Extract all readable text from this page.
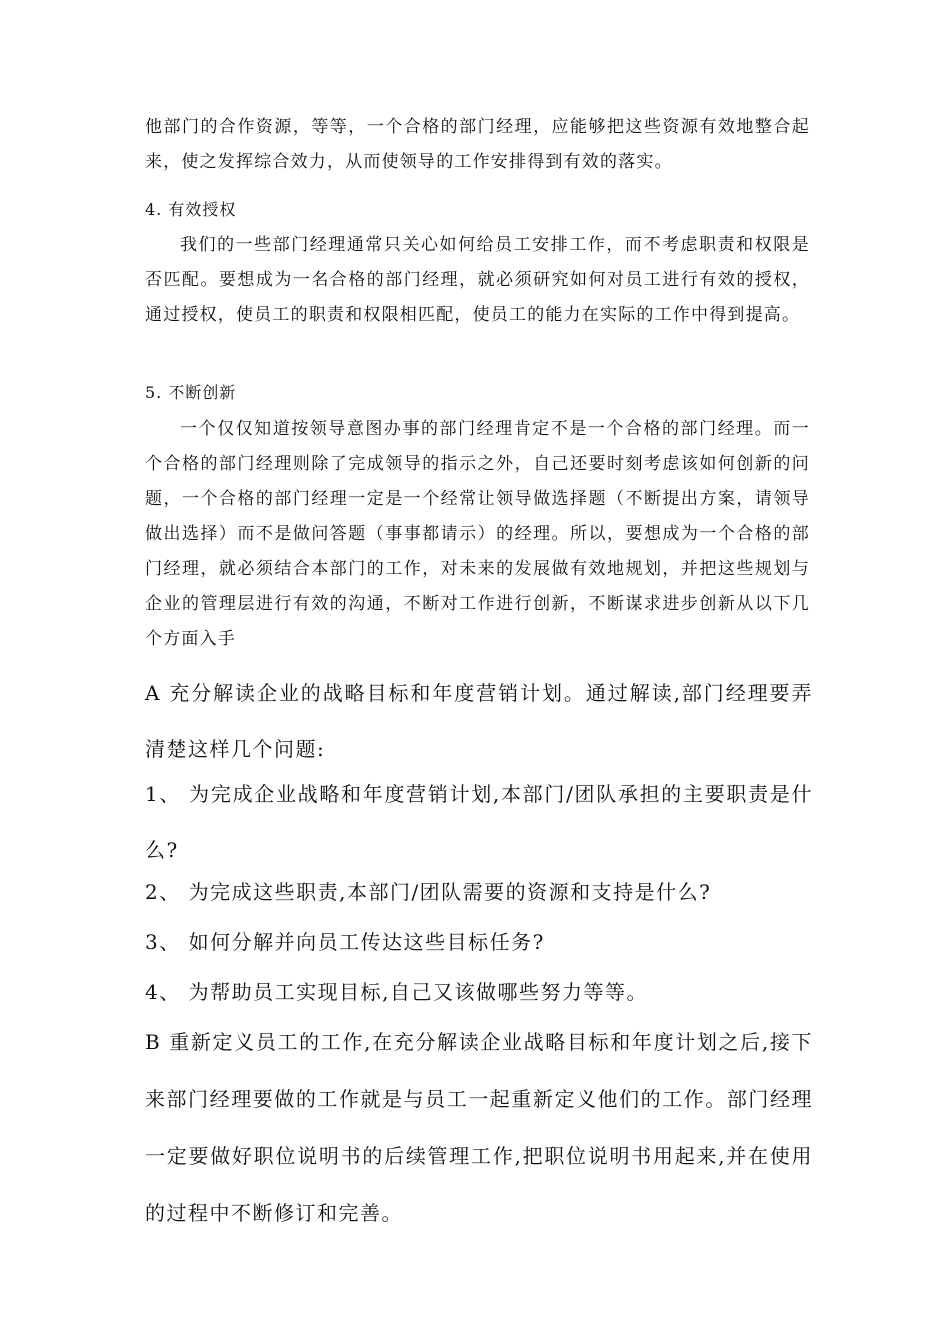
他部门的合作资源，等等，一个合格的部门经理，应能够把这些资源有效地整合起来，使之发挥综合效力，从而使领导的工作安排得到有效的落实。

4. 有效授权

我们的一些部门经理通常只关心如何给员工安排工作，而不考虑职责和权限是否匹配。要想成为一名合格的部门经理，就必须研究如何对员工进行有效的授权，通过授权，使员工的职责和权限相匹配，使员工的能力在实际的工作中得到提高。

5. 不断创新

一个仅仅知道按领导意图办事的部门经理肯定不是一个合格的部门经理。而一个合格的部门经理则除了完成领导的指示之外，自己还要时刻考虑该如何创新的问题，一个合格的部门经理一定是一个经常让领导做选择题（不断提出方案，请领导做出选择）而不是做问答题（事事都请示）的经理。所以，要想成为一个合格的部门经理，就必须结合本部门的工作，对未来的发展做有效地规划，并把这些规划与企业的管理层进行有效的沟通，不断对工作进行创新，不断谋求进步创新从以下几个方面入手

A 充分解读企业的战略目标和年度营销计划。通过解读,部门经理要弄清楚这样几个问题:

1、 为完成企业战略和年度营销计划,本部门/团队承担的主要职责是什么?

2、 为完成这些职责,本部门/团队需要的资源和支持是什么?

3、 如何分解并向员工传达这些目标任务?

4、 为帮助员工实现目标,自己又该做哪些努力等等。

B 重新定义员工的工作,在充分解读企业战略目标和年度计划之后,接下来部门经理要做的工作就是与员工一起重新定义他们的工作。部门经理一定要做好职位说明书的后续管理工作,把职位说明书用起来,并在使用的过程中不断修订和完善。
